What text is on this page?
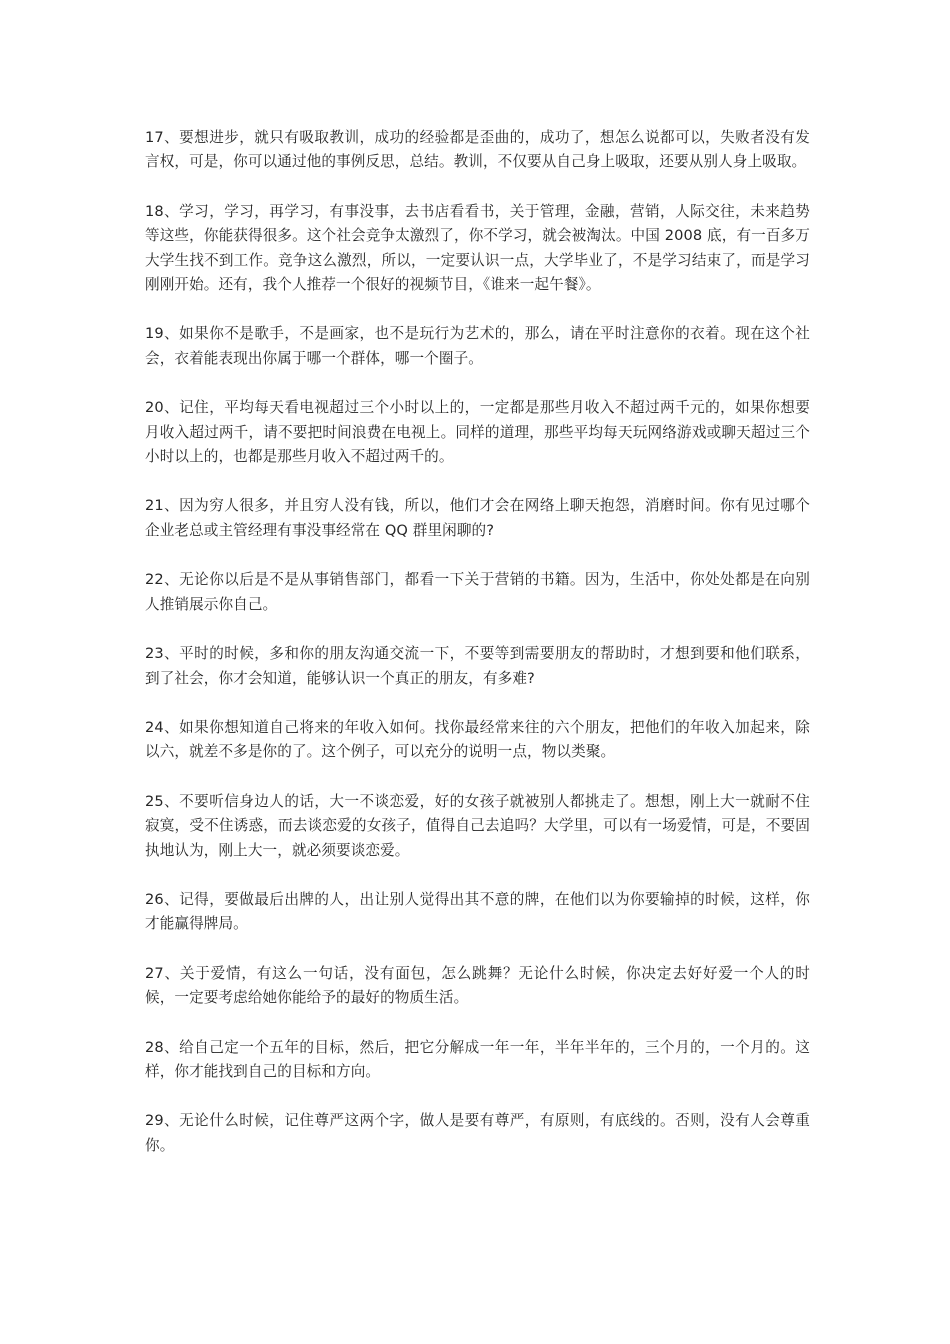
17、要想进步，就只有吸取教训，成功的经验都是歪曲的，成功了，想怎么说都可以，失败者没有发言权，可是，你可以通过他的事例反思，总结。教训，不仅要从自己身上吸取，还要从别人身上吸取。

18、学习，学习，再学习，有事没事，去书店看看书，关于管理，金融，营销，人际交往，未来趋势等这些，你能获得很多。这个社会竞争太激烈了，你不学习，就会被淘汰。中国 2008 底，有一百多万大学生找不到工作。竞争这么激烈，所以，一定要认识一点，大学毕业了，不是学习结束了，而是学习刚刚开始。还有，我个人推荐一个很好的视频节目，《谁来一起午餐》。

19、如果你不是歌手，不是画家，也不是玩行为艺术的，那么，请在平时注意你的衣着。现在这个社会，衣着能表现出你属于哪一个群体，哪一个圈子。

20、记住，平均每天看电视超过三个小时以上的，一定都是那些月收入不超过两千元的，如果你想要月收入超过两千，请不要把时间浪费在电视上。同样的道理，那些平均每天玩网络游戏或聊天超过三个小时以上的，也都是那些月收入不超过两千的。

21、因为穷人很多，并且穷人没有钱，所以，他们才会在网络上聊天抱怨，消磨时间。你有见过哪个企业老总或主管经理有事没事经常在 QQ 群里闲聊的?

22、无论你以后是不是从事销售部门，都看一下关于营销的书籍。因为，生活中，你处处都是在向别人推销展示你自己。

23、平时的时候，多和你的朋友沟通交流一下，不要等到需要朋友的帮助时，才想到要和他们联系，到了社会，你才会知道，能够认识一个真正的朋友，有多难?

24、如果你想知道自己将来的年收入如何。找你最经常来往的六个朋友，把他们的年收入加起来，除以六，就差不多是你的了。这个例子，可以充分的说明一点，物以类聚。

25、不要听信身边人的话，大一不谈恋爱，好的女孩子就被别人都挑走了。想想，刚上大一就耐不住寂寞，受不住诱惑，而去谈恋爱的女孩子，值得自己去追吗？大学里，可以有一场爱情，可是，不要固执地认为，刚上大一，就必须要谈恋爱。

26、记得，要做最后出牌的人，出让别人觉得出其不意的牌，在他们以为你要输掉的时候，这样，你才能赢得牌局。

27、关于爱情，有这么一句话，没有面包，怎么跳舞？无论什么时候，你决定去好好爱一个人的时候，一定要考虑给她你能给予的最好的物质生活。

28、给自己定一个五年的目标，然后，把它分解成一年一年，半年半年的，三个月的，一个月的。这样，你才能找到自己的目标和方向。

29、无论什么时候，记住尊严这两个字，做人是要有尊严，有原则，有底线的。否则，没有人会尊重你。
